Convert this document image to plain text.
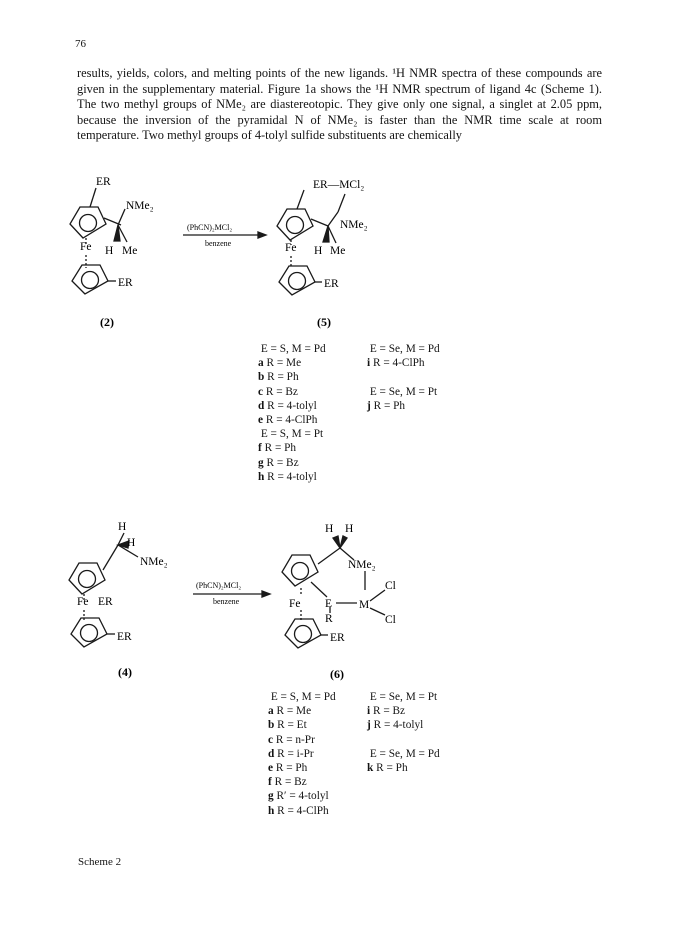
76

results, yields, colors, and melting points of the new ligands. ¹H NMR spectra of these compounds are given in the supplementary material. Figure 1a shows the ¹H NMR spectrum of ligand 4c (Scheme 1). The two methyl groups of NMe₂ are diastereotopic. They give only one signal, a singlet at 2.05 ppm, because the inversion of the pyramidal N of NMe₂ is faster than the NMR time scale at room temperature. Two methyl groups of 4-tolyl sulfide substituents are chemically

ER
NMe₂
Fe H Me
ER
(2)
(PhCN)₂MCl₂
benzene
ER—MCl₂
NMe₂
Fe H Me
ER
(5)
H
H
NMe₂
Fe ER
ER
(4)
(PhCN)₂MCl₂
benzene
H H
NMe₂
Cl
M
Cl
Fe E
R
ER
(6)

E = S, M = Pd
a
R = Me
b
R = Ph
c
R = Bz
d
R = 4-tolyl
e
R = 4-ClPh

E = S, M = Pt
f
R = Ph
g
R = Bz
h
R = 4-tolyl

E = Se, M = Pd
i
R = 4-ClPh

E = Se, M = Pt
j
R = Ph

E = S, M = Pd
a
R = Me
b
R = Et
c
R = n-Pr
d
R = i-Pr
e
R = Ph
f
R = Bz
g
R′ = 4-tolyl
h
R = 4-ClPh

E = Se, M = Pt
i
R = Bz
j
R = 4-tolyl

E = Se, M = Pd
k
R = Ph
Scheme 2
